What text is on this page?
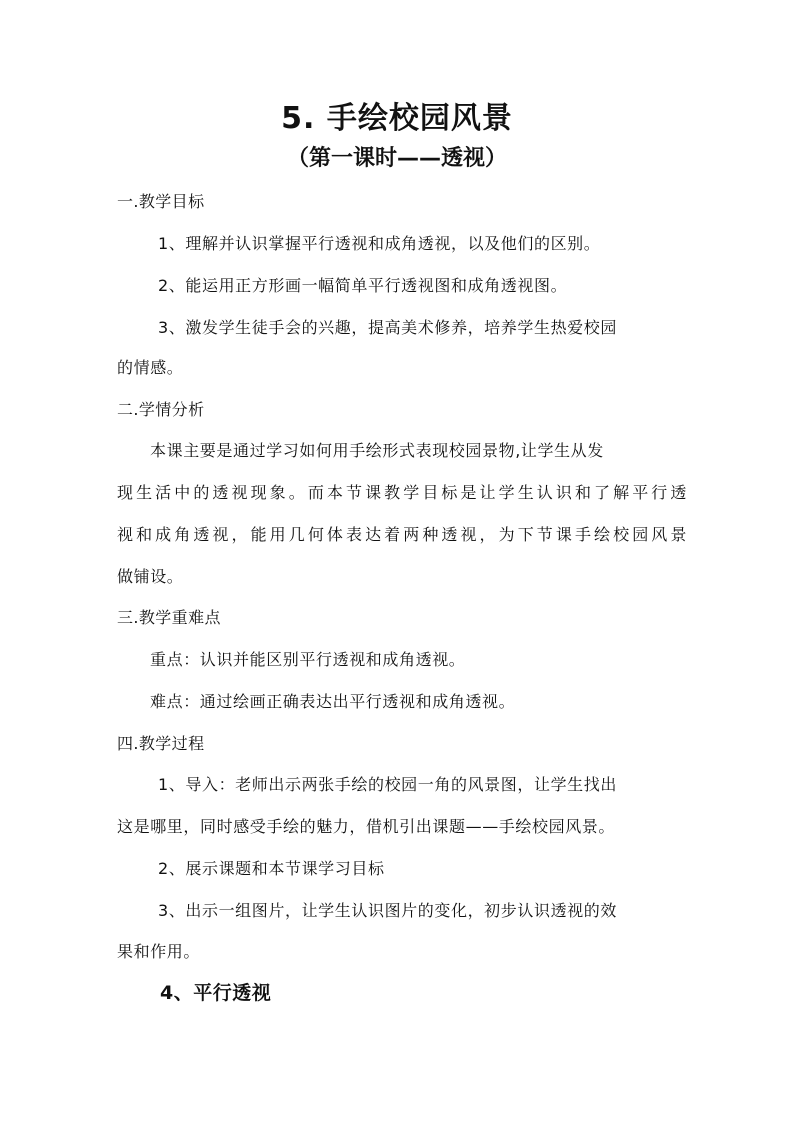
5. 手绘校园风景
（第一课时——透视）
一.教学目标
1、理解并认识掌握平行透视和成角透视，以及他们的区别。
2、能运用正方形画一幅简单平行透视图和成角透视图。
3、激发学生徒手会的兴趣，提高美术修养，培养学生热爱校园
的情感。
二.学情分析
本课主要是通过学习如何用手绘形式表现校园景物,让学生从发
现生活中的透视现象。而本节课教学目标是让学生认识和了解平行透
视和成角透视，能用几何体表达着两种透视，为下节课手绘校园风景
做铺设。
三.教学重难点
重点：认识并能区别平行透视和成角透视。
难点：通过绘画正确表达出平行透视和成角透视。
四.教学过程
1、导入：老师出示两张手绘的校园一角的风景图，让学生找出
这是哪里，同时感受手绘的魅力，借机引出课题——手绘校园风景。
2、展示课题和本节课学习目标
3、出示一组图片，让学生认识图片的变化，初步认识透视的效
果和作用。
4、平行透视
